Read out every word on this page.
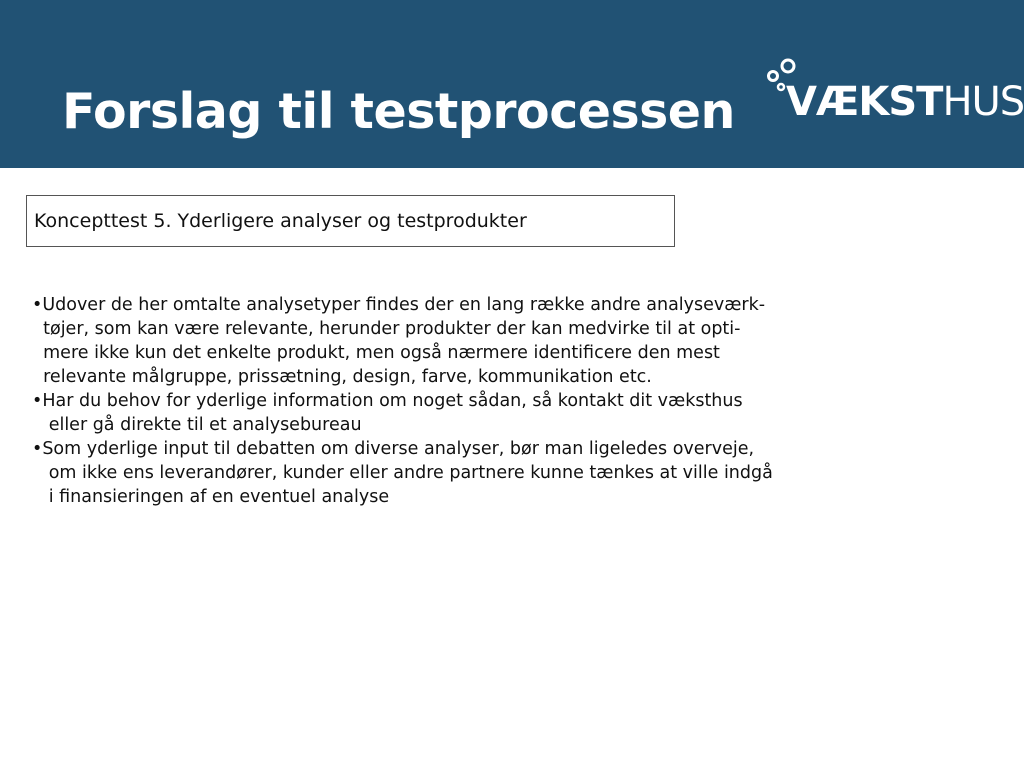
Forslag til testprocessen VÆKSTHUS
Koncepttest 5. Yderligere analyser og testprodukter

•Udover de her omtalte analysetyper findes der en lang række andre analyseværk-
tøjer, som kan være relevante, herunder produkter der kan medvirke til at opti-
mere ikke kun det enkelte produkt, men også nærmere identificere den mest
relevante målgruppe, prissætning, design, farve, kommunikation etc.

•Har du behov for yderlige information om noget sådan, så kontakt dit væksthus
eller gå direkte til et analysebureau

•Som yderlige input til debatten om diverse analyser, bør man ligeledes overveje,
om ikke ens leverandører, kunder eller andre partnere kunne tænkes at ville indgå
i finansieringen af en eventuel analyse
